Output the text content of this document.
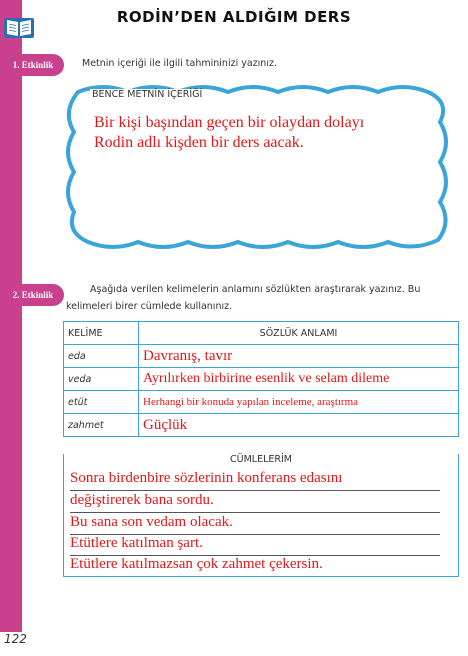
RODİN’DEN ALDIĞIM DERS
1. Etkinlik	Metnin içeriği ile ilgili tahmininizi yazınız.
BENCE METNİN İÇERİĞİ
Bir kişi başından geçen bir olaydan dolayı
Rodin adlı kişden bir ders aacak.
2. Etkinlik	Aşağıda verilen kelimelerin anlamını sözlükten araştırarak yazınız. Bu
kelimeleri birer cümlede kullanınız.
KELİME	SÖZLÜK ANLAMI
eda	Davranış, tavır
veda	Ayrılırken birbirine esenlik ve selam dileme
etüt	Herhangi bir konuda yapılan inceleme, araştırma
zahmet	Güçlük
CÜMLELERİM
Sonra birdenbire sözlerinin konferans edasını
değiştirerek bana sordu.
Bu sana son vedam olacak.
Etütlere katılman şart.
Etütlere katılmazsan çok zahmet çekersin.
122
